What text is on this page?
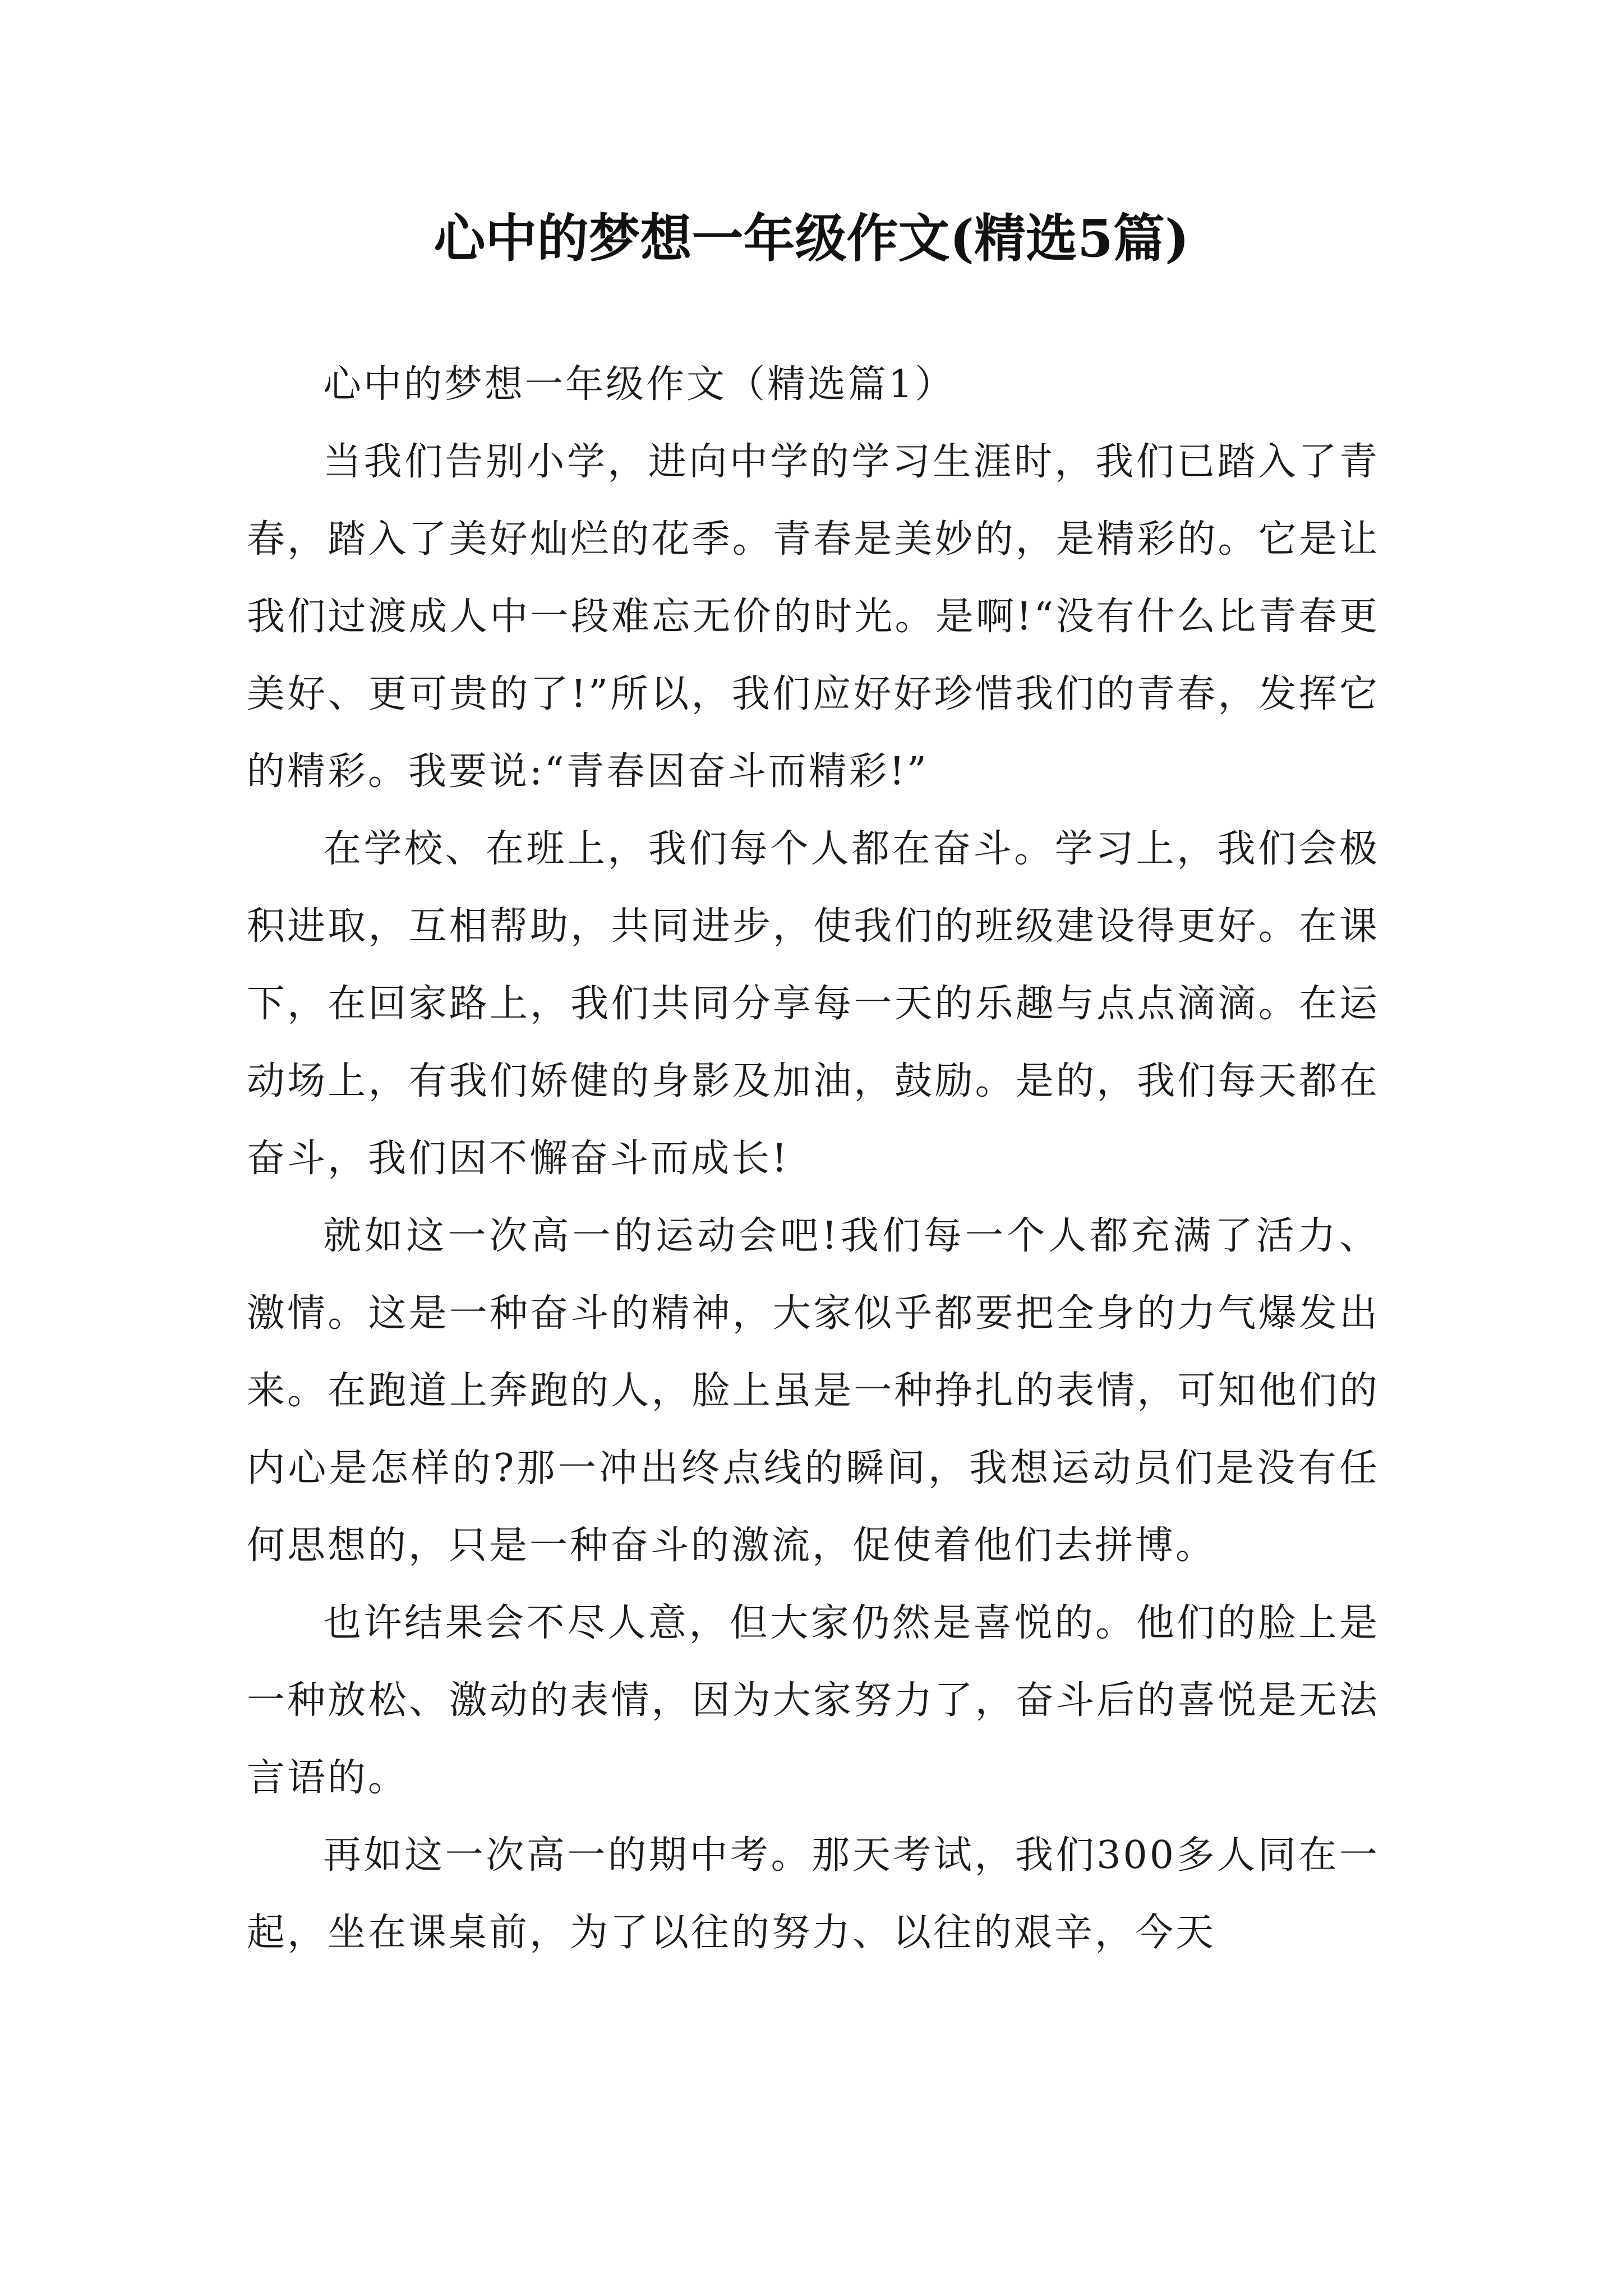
心中的梦想一年级作文(精选5篇)

心中的梦想一年级作文（精选篇1）

当我们告别小学，进向中学的学习生涯时，我们已踏入了青春，踏入了美好灿烂的花季。青春是美妙的，是精彩的。它是让我们过渡成人中一段难忘无价的时光。是啊!“没有什么比青春更美好、更可贵的了!”所以，我们应好好珍惜我们的青春，发挥它的精彩。我要说:“青春因奋斗而精彩!”

在学校、在班上，我们每个人都在奋斗。学习上，我们会极积进取，互相帮助，共同进步，使我们的班级建设得更好。在课下，在回家路上，我们共同分享每一天的乐趣与点点滴滴。在运动场上，有我们娇健的身影及加油，鼓励。是的，我们每天都在奋斗，我们因不懈奋斗而成长!

就如这一次高一的运动会吧!我们每一个人都充满了活力、激情。这是一种奋斗的精神，大家似乎都要把全身的力气爆发出来。在跑道上奔跑的人，脸上虽是一种挣扎的表情，可知他们的内心是怎样的?那一冲出终点线的瞬间，我想运动员们是没有任何思想的，只是一种奋斗的激流，促使着他们去拼博。

也许结果会不尽人意，但大家仍然是喜悦的。他们的脸上是一种放松、激动的表情，因为大家努力了，奋斗后的喜悦是无法言语的。

再如这一次高一的期中考。那天考试，我们300多人同在一起，坐在课桌前，为了以往的努力、以往的艰辛，今天
